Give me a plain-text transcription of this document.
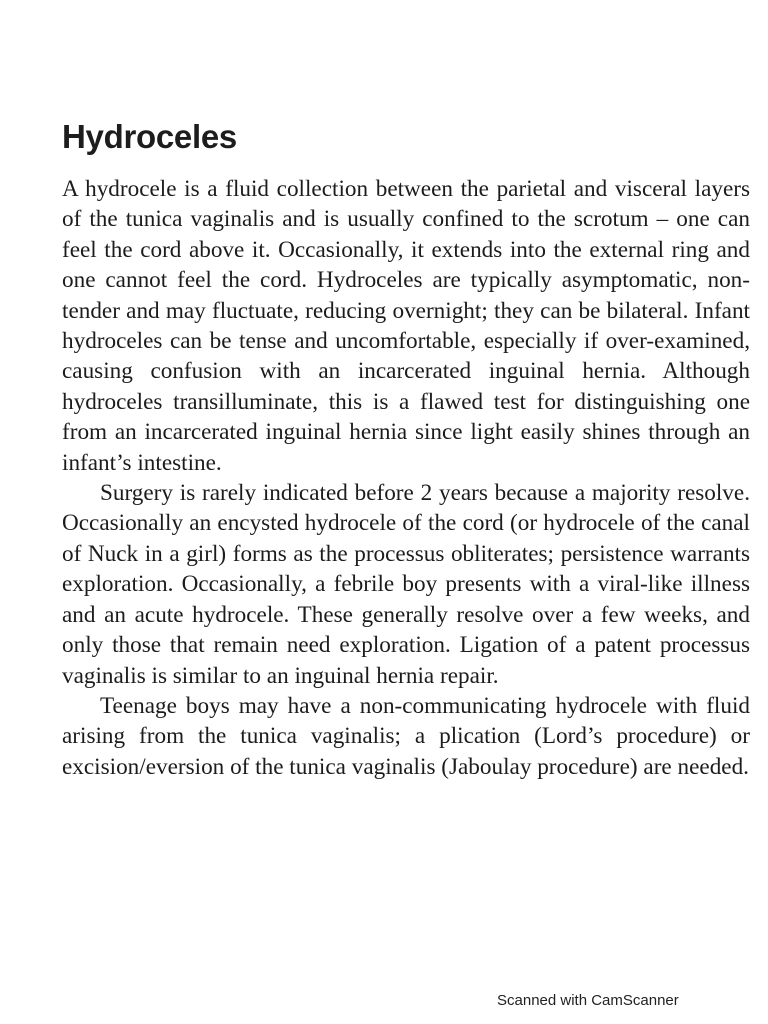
Hydroceles

A hydrocele is a fluid collection between the parietal and visceral layers of the tunica vaginalis and is usually confined to the scrotum – one can feel the cord above it. Occasionally, it extends into the external ring and one cannot feel the cord. Hydroceles are typically asymptomatic, non-tender and may fluctuate, reducing overnight; they can be bilateral. Infant hydroceles can be tense and uncomfortable, especially if over-examined, causing confusion with an incarcerated inguinal hernia. Although hydroceles transilluminate, this is a flawed test for distinguishing one from an incarcerated inguinal hernia since light easily shines through an infant’s intestine.

Surgery is rarely indicated before 2 years because a majority resolve. Occasionally an encysted hydrocele of the cord (or hydrocele of the canal of Nuck in a girl) forms as the processus obliterates; persistence warrants exploration. Occasionally, a febrile boy presents with a viral-like illness and an acute hydrocele. These generally resolve over a few weeks, and only those that remain need exploration. Ligation of a patent processus vaginalis is similar to an inguinal hernia repair.

Teenage boys may have a non-communicating hydrocele with fluid arising from the tunica vaginalis; a plication (Lord’s procedure) or excision/eversion of the tunica vaginalis (Jaboulay procedure) are needed.

Scanned with CamScanner
